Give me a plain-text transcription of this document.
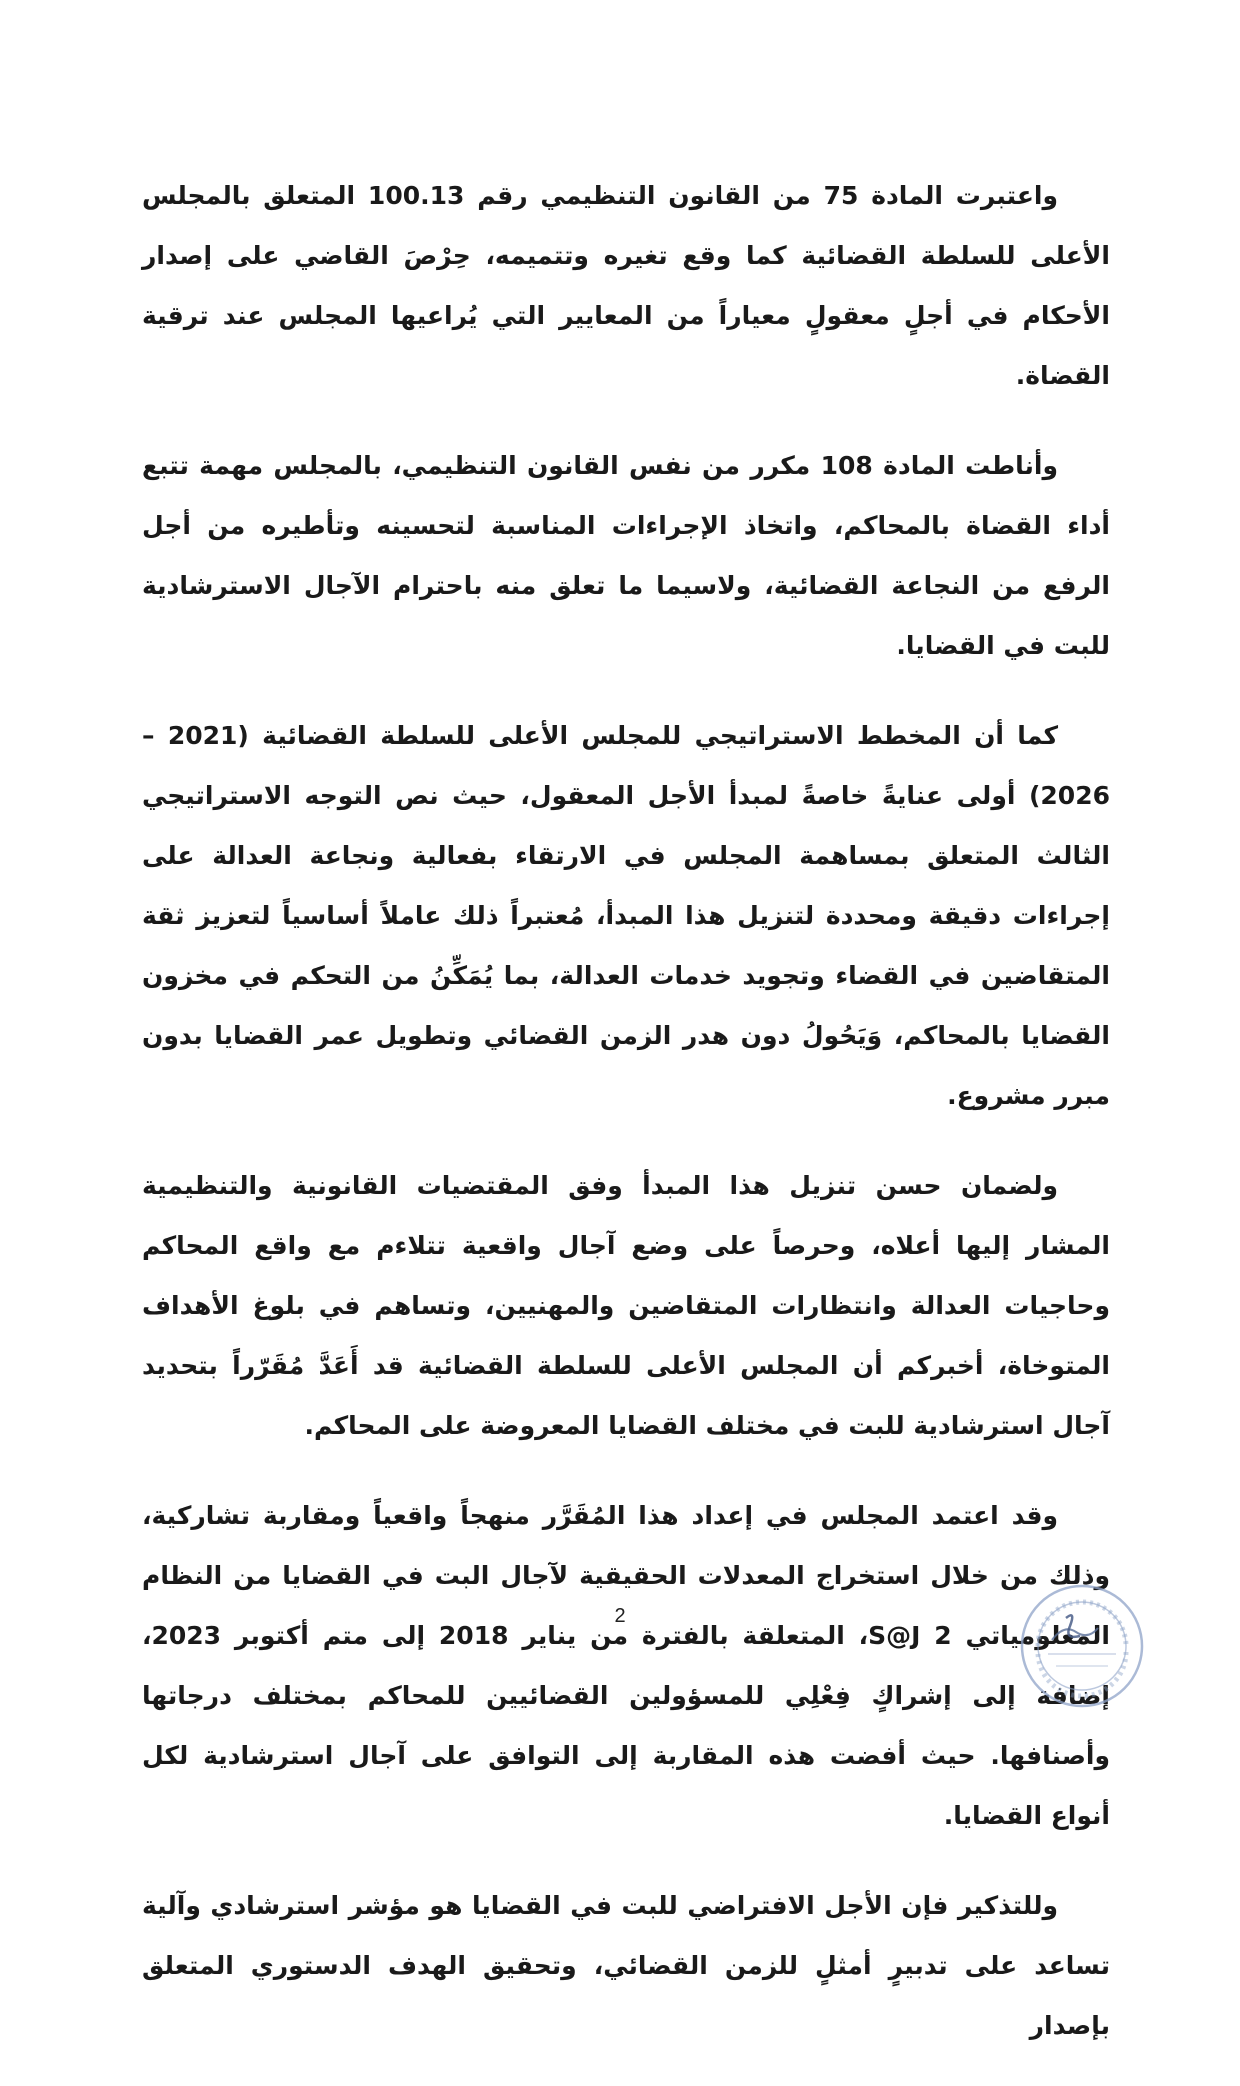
واعتبرت المادة 75 من القانون التنظيمي رقم 100.13 المتعلق بالمجلس الأعلى للسلطة القضائية كما وقع تغيره وتتميمه، حِرْصَ القاضي على إصدار الأحكام في أجلٍ معقولٍ معياراً من المعايير التي يُراعيها المجلس عند ترقية القضاة.

وأناطت المادة 108 مكرر من نفس القانون التنظيمي، بالمجلس مهمة تتبع أداء القضاة بالمحاكم، واتخاذ الإجراءات المناسبة لتحسينه وتأطيره من أجل الرفع من النجاعة القضائية، ولاسيما ما تعلق منه باحترام الآجال الاسترشادية للبت في القضايا.

كما أن المخطط الاستراتيجي للمجلس الأعلى للسلطة القضائية (2021 –2026) أولى عنايةً خاصةً لمبدأ الأجل المعقول، حيث نص التوجه الاستراتيجي الثالث المتعلق بمساهمة المجلس في الارتقاء بفعالية ونجاعة العدالة على إجراءات دقيقة ومحددة لتنزيل هذا المبدأ، مُعتبراً ذلك عاملاً أساسياً لتعزيز ثقة المتقاضين في القضاء وتجويد خدمات العدالة، بما يُمَكِّنُ من التحكم في مخزون القضايا بالمحاكم، وَيَحُولُ دون هدر الزمن القضائي وتطويل عمر القضايا بدون مبرر مشروع.

ولضمان حسن تنزيل هذا المبدأ وفق المقتضيات القانونية والتنظيمية المشار إليها أعلاه، وحرصاً على وضع آجال واقعية تتلاءم مع واقع المحاكم وحاجيات العدالة وانتظارات المتقاضين والمهنيين، وتساهم في بلوغ الأهداف المتوخاة، أخبركم أن المجلس الأعلى للسلطة القضائية قد أَعَدَّ مُقَرّراً بتحديد آجال استرشادية للبت في مختلف القضايا المعروضة على المحاكم.

وقد اعتمد المجلس في إعداد هذا المُقَرَّر منهجاً واقعياً ومقاربة تشاركية، وذلك من خلال استخراج المعدلات الحقيقية لآجال البت في القضايا من النظام المعلومياتي S@J 2، المتعلقة بالفترة من يناير 2018 إلى متم أكتوبر 2023، إضافة إلى إشراكٍ فِعْلِي للمسؤولين القضائيين للمحاكم بمختلف درجاتها وأصنافها. حيث أفضت هذه المقاربة إلى التوافق على آجال استرشادية لكل أنواع القضايا.

وللتذكير فإن الأجل الافتراضي للبت في القضايا هو مؤشر استرشادي وآلية تساعد على تدبيرٍ أمثلٍ للزمن القضائي، وتحقيق الهدف الدستوري المتعلق بإصدار

2
